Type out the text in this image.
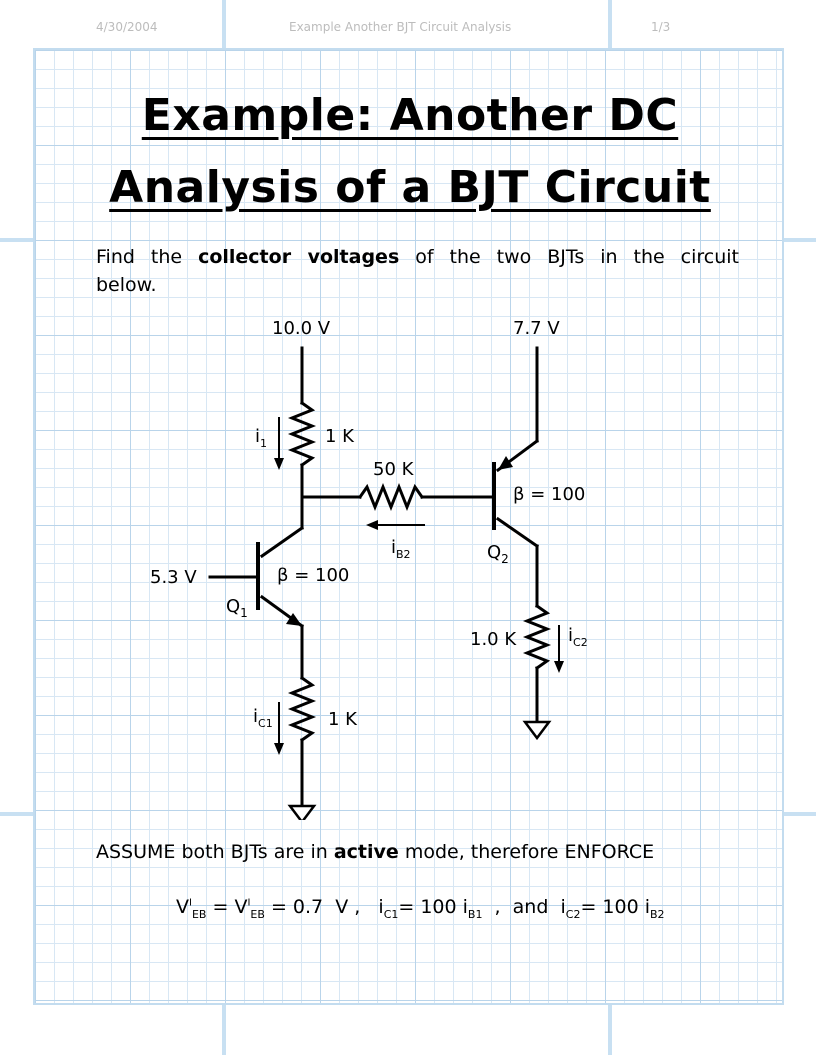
4/30/2004	Example Another BJT Circuit Analysis	1/3
Example: Another DC
Analysis of a BJT Circuit
Find the collector voltages of the two BJTs in the circuit below.
10.0 V	7.7 V
1 K
50 K
β = 100
5.3 V	β = 100
1.0 K
1 K
$Q_2$
$Q_1$
$i_1$
$i_{B2}$
$i_{C1}$
$i_{C2}$
ASSUME both BJTs are in active mode, therefore ENFORCE
$V^I_{EB} = V^I_{EB} = 0.7$  V ,   $i_{C1}= 100$ $i_{B1}$  ,  and  $i_{C2}= 100$ $i_{B2}$
